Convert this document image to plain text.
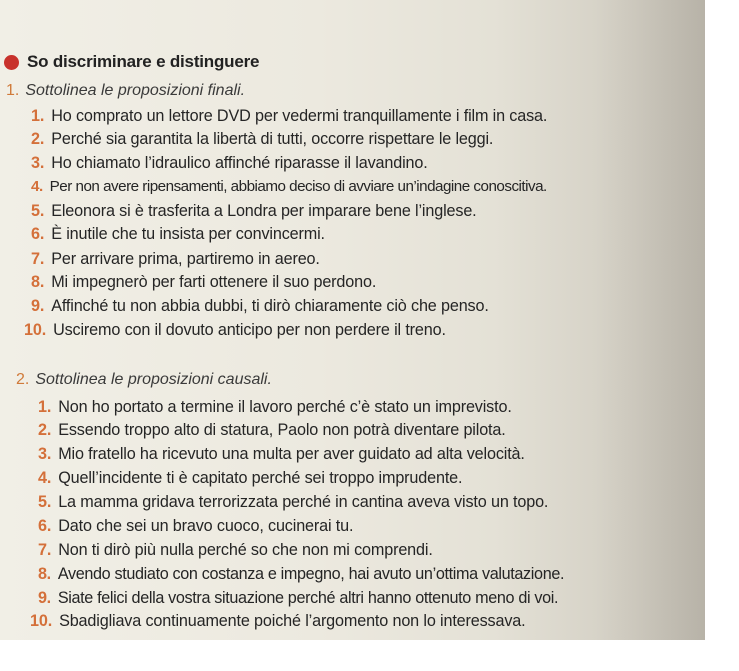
So discriminare e distinguere
1. Sottolinea le proposizioni finali.
1. Ho comprato un lettore DVD per vedermi tranquillamente i film in casa.
2. Perché sia garantita la libertà di tutti, occorre rispettare le leggi.
3. Ho chiamato l’idraulico affinché riparasse il lavandino.
4. Per non avere ripensamenti, abbiamo deciso di avviare un’indagine conoscitiva.
5. Eleonora si è trasferita a Londra per imparare bene l’inglese.
6. È inutile che tu insista per convincermi.
7. Per arrivare prima, partiremo in aereo.
8. Mi impegnerò per farti ottenere il suo perdono.
9. Affinché tu non abbia dubbi, ti dirò chiaramente ciò che penso.
10. Usciremo con il dovuto anticipo per non perdere il treno.
2. Sottolinea le proposizioni causali.
1. Non ho portato a termine il lavoro perché c’è stato un imprevisto.
2. Essendo troppo alto di statura, Paolo non potrà diventare pilota.
3. Mio fratello ha ricevuto una multa per aver guidato ad alta velocità.
4. Quell’incidente ti è capitato perché sei troppo imprudente.
5. La mamma gridava terrorizzata perché in cantina aveva visto un topo.
6. Dato che sei un bravo cuoco, cucinerai tu.
7. Non ti dirò più nulla perché so che non mi comprendi.
8. Avendo studiato con costanza e impegno, hai avuto un’ottima valutazione.
9. Siate felici della vostra situazione perché altri hanno ottenuto meno di voi.
10. Sbadigliava continuamente poiché l’argomento non lo interessava.
